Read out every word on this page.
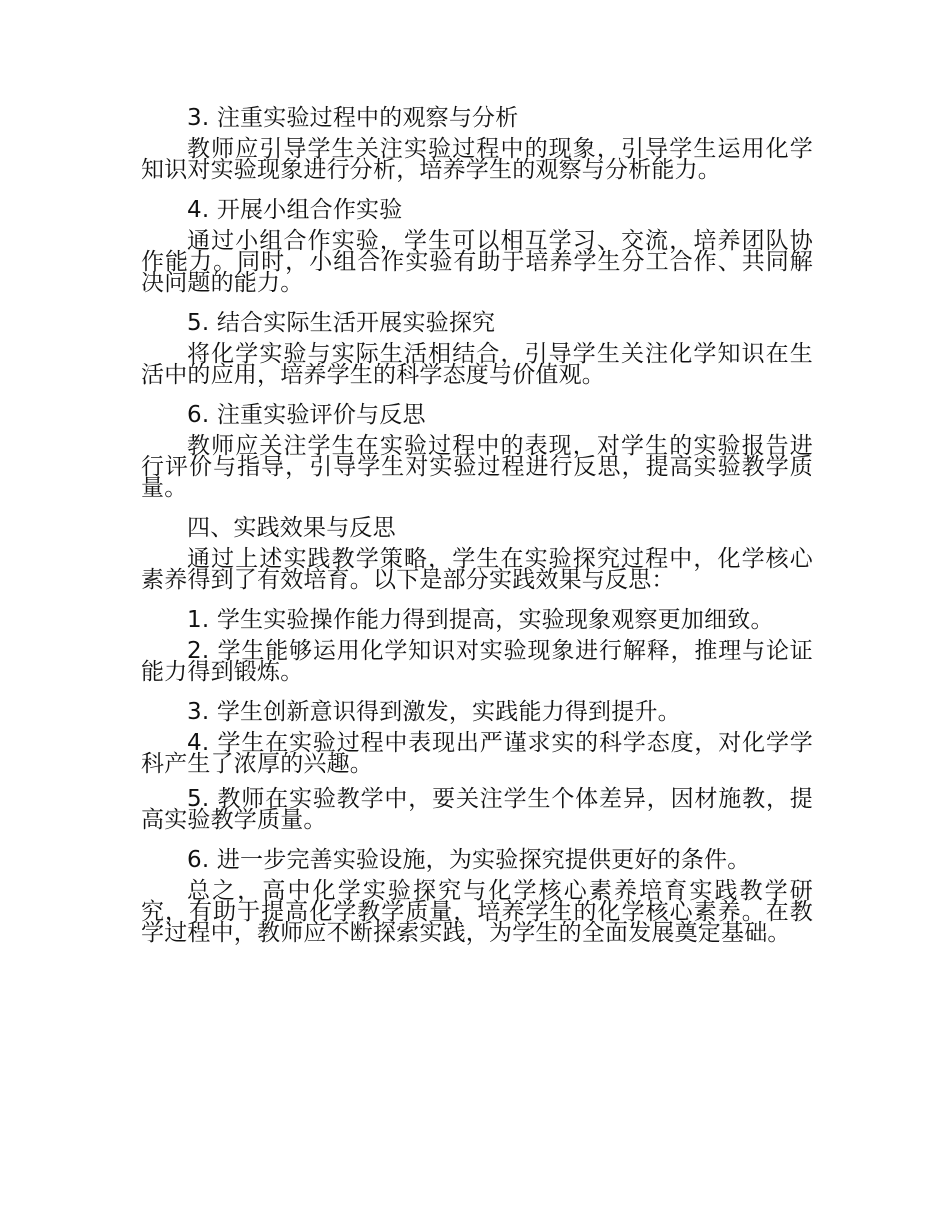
3. 注重实验过程中的观察与分析

教师应引导学生关注实验过程中的现象，引导学生运用化学知识对实验现象进行分析，培养学生的观察与分析能力。

4. 开展小组合作实验

通过小组合作实验，学生可以相互学习、交流，培养团队协作能力。同时，小组合作实验有助于培养学生分工合作、共同解决问题的能力。

5. 结合实际生活开展实验探究

将化学实验与实际生活相结合，引导学生关注化学知识在生活中的应用，培养学生的科学态度与价值观。

6. 注重实验评价与反思

教师应关注学生在实验过程中的表现，对学生的实验报告进行评价与指导，引导学生对实验过程进行反思，提高实验教学质量。

四、实践效果与反思

通过上述实践教学策略，学生在实验探究过程中，化学核心素养得到了有效培育。以下是部分实践效果与反思：

1. 学生实验操作能力得到提高，实验现象观察更加细致。

2. 学生能够运用化学知识对实验现象进行解释，推理与论证能力得到锻炼。

3. 学生创新意识得到激发，实践能力得到提升。

4. 学生在实验过程中表现出严谨求实的科学态度，对化学学科产生了浓厚的兴趣。

5. 教师在实验教学中，要关注学生个体差异，因材施教，提高实验教学质量。

6. 进一步完善实验设施，为实验探究提供更好的条件。

总之，高中化学实验探究与化学核心素养培育实践教学研究，有助于提高化学教学质量，培养学生的化学核心素养。在教学过程中，教师应不断探索实践，为学生的全面发展奠定基础。
